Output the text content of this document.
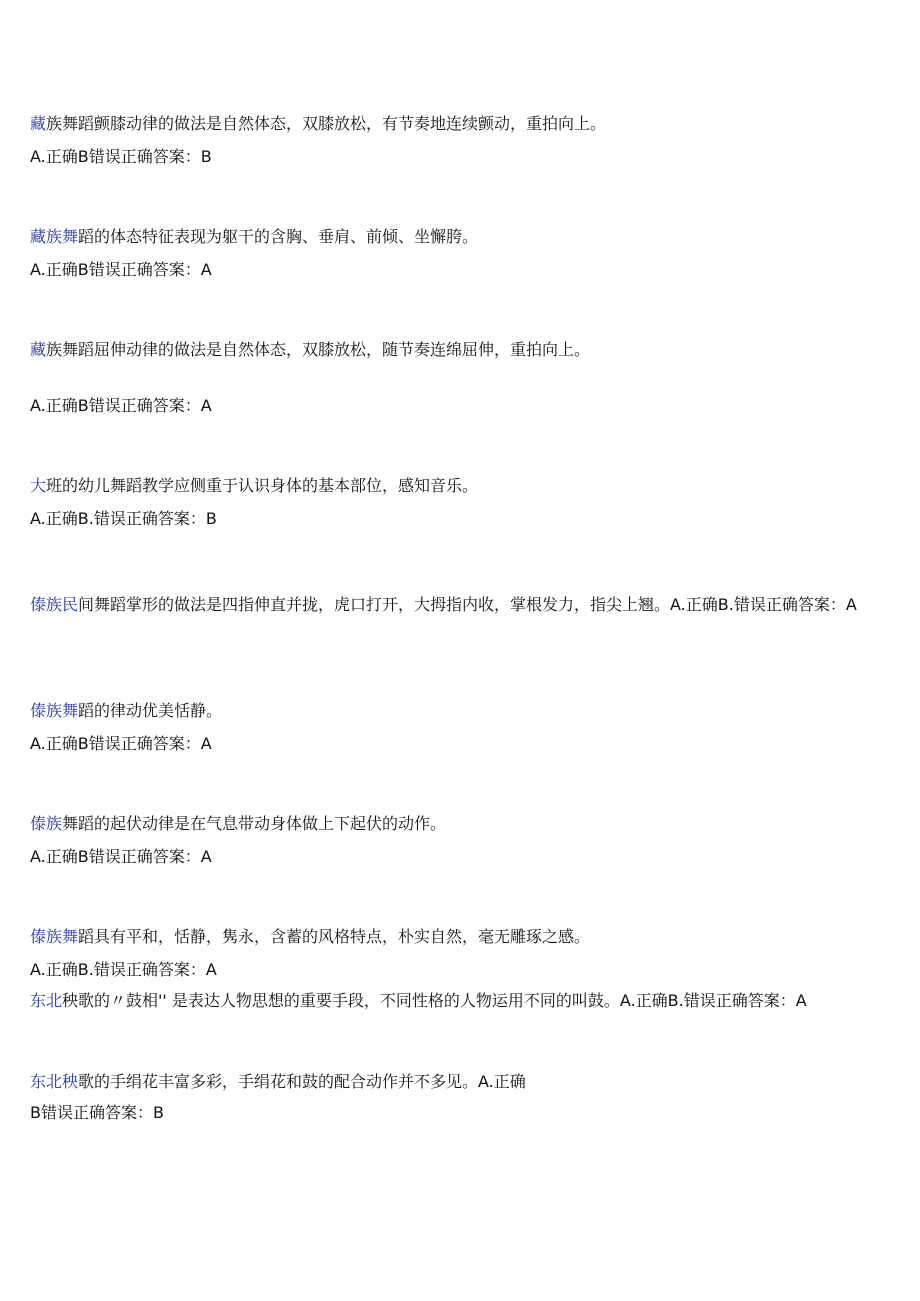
藏族舞蹈颤膝动律的做法是自然体态，双膝放松，有节奏地连续颤动，重拍向上。
A.正确B错误正确答案：B
藏族舞蹈的体态特征表现为躯干的含胸、垂肩、前倾、坐懈胯。
A.正确B错误正确答案：A
藏族舞蹈屈伸动律的做法是自然体态，双膝放松，随节奏连绵屈伸，重拍向上。
A.正确B错误正确答案：A
大班的幼儿舞蹈教学应侧重于认识身体的基本部位，感知音乐。
A.正确B.错误正确答案：B
傣族民间舞蹈掌形的做法是四指伸直并拢，虎口打开，大拇指内收，掌根发力，指尖上翘。A.正确B.错误正确答案：A
傣族舞蹈的律动优美恬静。
A.正确B错误正确答案：A
傣族舞蹈的起伏动律是在气息带动身体做上下起伏的动作。
A.正确B错误正确答案：A
傣族舞蹈具有平和，恬静，隽永，含蓄的风格特点，朴实自然，毫无雕琢之感。
A.正确B.错误正确答案：A
东北秧歌的〃鼓相'' 是表达人物思想的重要手段，不同性格的人物运用不同的叫鼓。A.正确B.错误正确答案：A
东北秧歌的手绢花丰富多彩，手绢花和鼓的配合动作并不多见。A.正确
B错误正确答案：B
